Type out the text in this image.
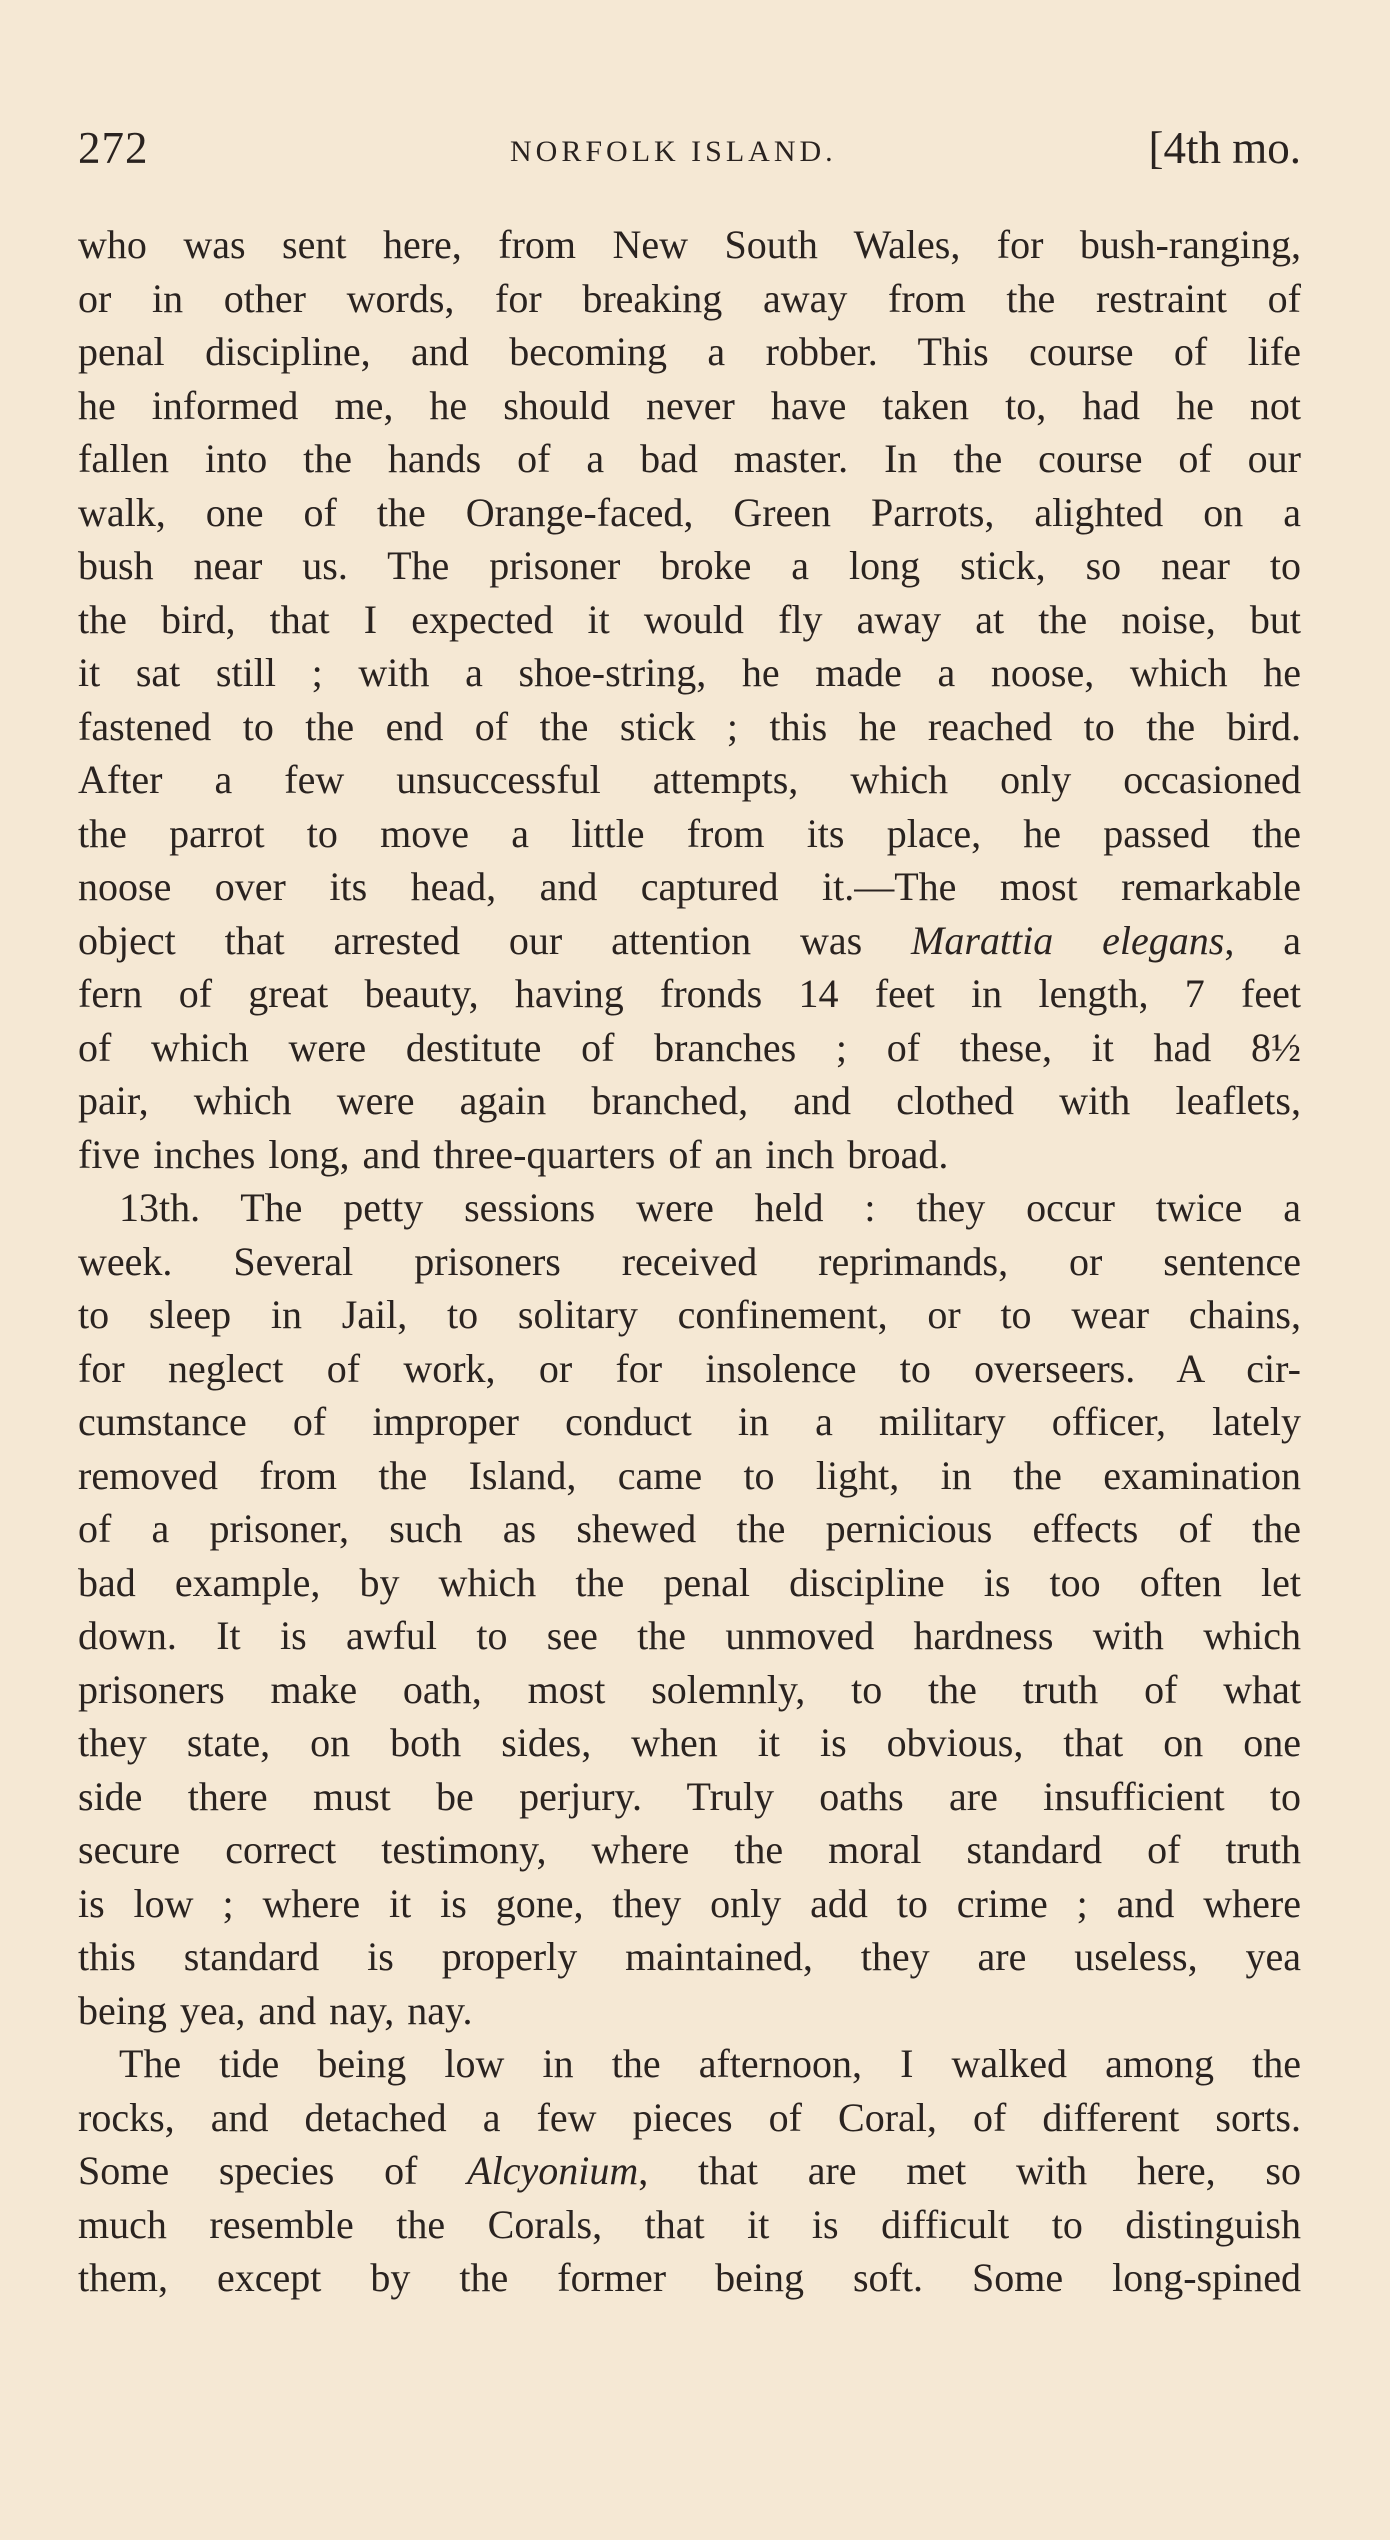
272	NORFOLK ISLAND.	[4th mo.
who was sent here, from New South Wales, for bush-ranging,
or in other words, for breaking away from the restraint of
penal discipline, and becoming a robber. This course of life
he informed me, he should never have taken to, had he not
fallen into the hands of a bad master. In the course of our
walk, one of the Orange-faced, Green Parrots, alighted on a
bush near us. The prisoner broke a long stick, so near to
the bird, that I expected it would fly away at the noise, but
it sat still ; with a shoe-string, he made a noose, which he
fastened to the end of the stick ; this he reached to the bird.
After a few unsuccessful attempts, which only occasioned
the parrot to move a little from its place, he passed the
noose over its head, and captured it.—The most remarkable
object that arrested our attention was Marattia elegans, a
fern of great beauty, having fronds 14 feet in length, 7 feet
of which were destitute of branches ; of these, it had 8½
pair, which were again branched, and clothed with leaflets,
five inches long, and three-quarters of an inch broad.
13th. The petty sessions were held : they occur twice a
week. Several prisoners received reprimands, or sentence
to sleep in Jail, to solitary confinement, or to wear chains,
for neglect of work, or for insolence to overseers. A cir-
cumstance of improper conduct in a military officer, lately
removed from the Island, came to light, in the examination
of a prisoner, such as shewed the pernicious effects of the
bad example, by which the penal discipline is too often let
down. It is awful to see the unmoved hardness with which
prisoners make oath, most solemnly, to the truth of what
they state, on both sides, when it is obvious, that on one
side there must be perjury. Truly oaths are insufficient to
secure correct testimony, where the moral standard of truth
is low ; where it is gone, they only add to crime ; and where
this standard is properly maintained, they are useless, yea
being yea, and nay, nay.
The tide being low in the afternoon, I walked among the
rocks, and detached a few pieces of Coral, of different sorts.
Some species of Alcyonium, that are met with here, so
much resemble the Corals, that it is difficult to distinguish
them, except by the former being soft. Some long-spined
